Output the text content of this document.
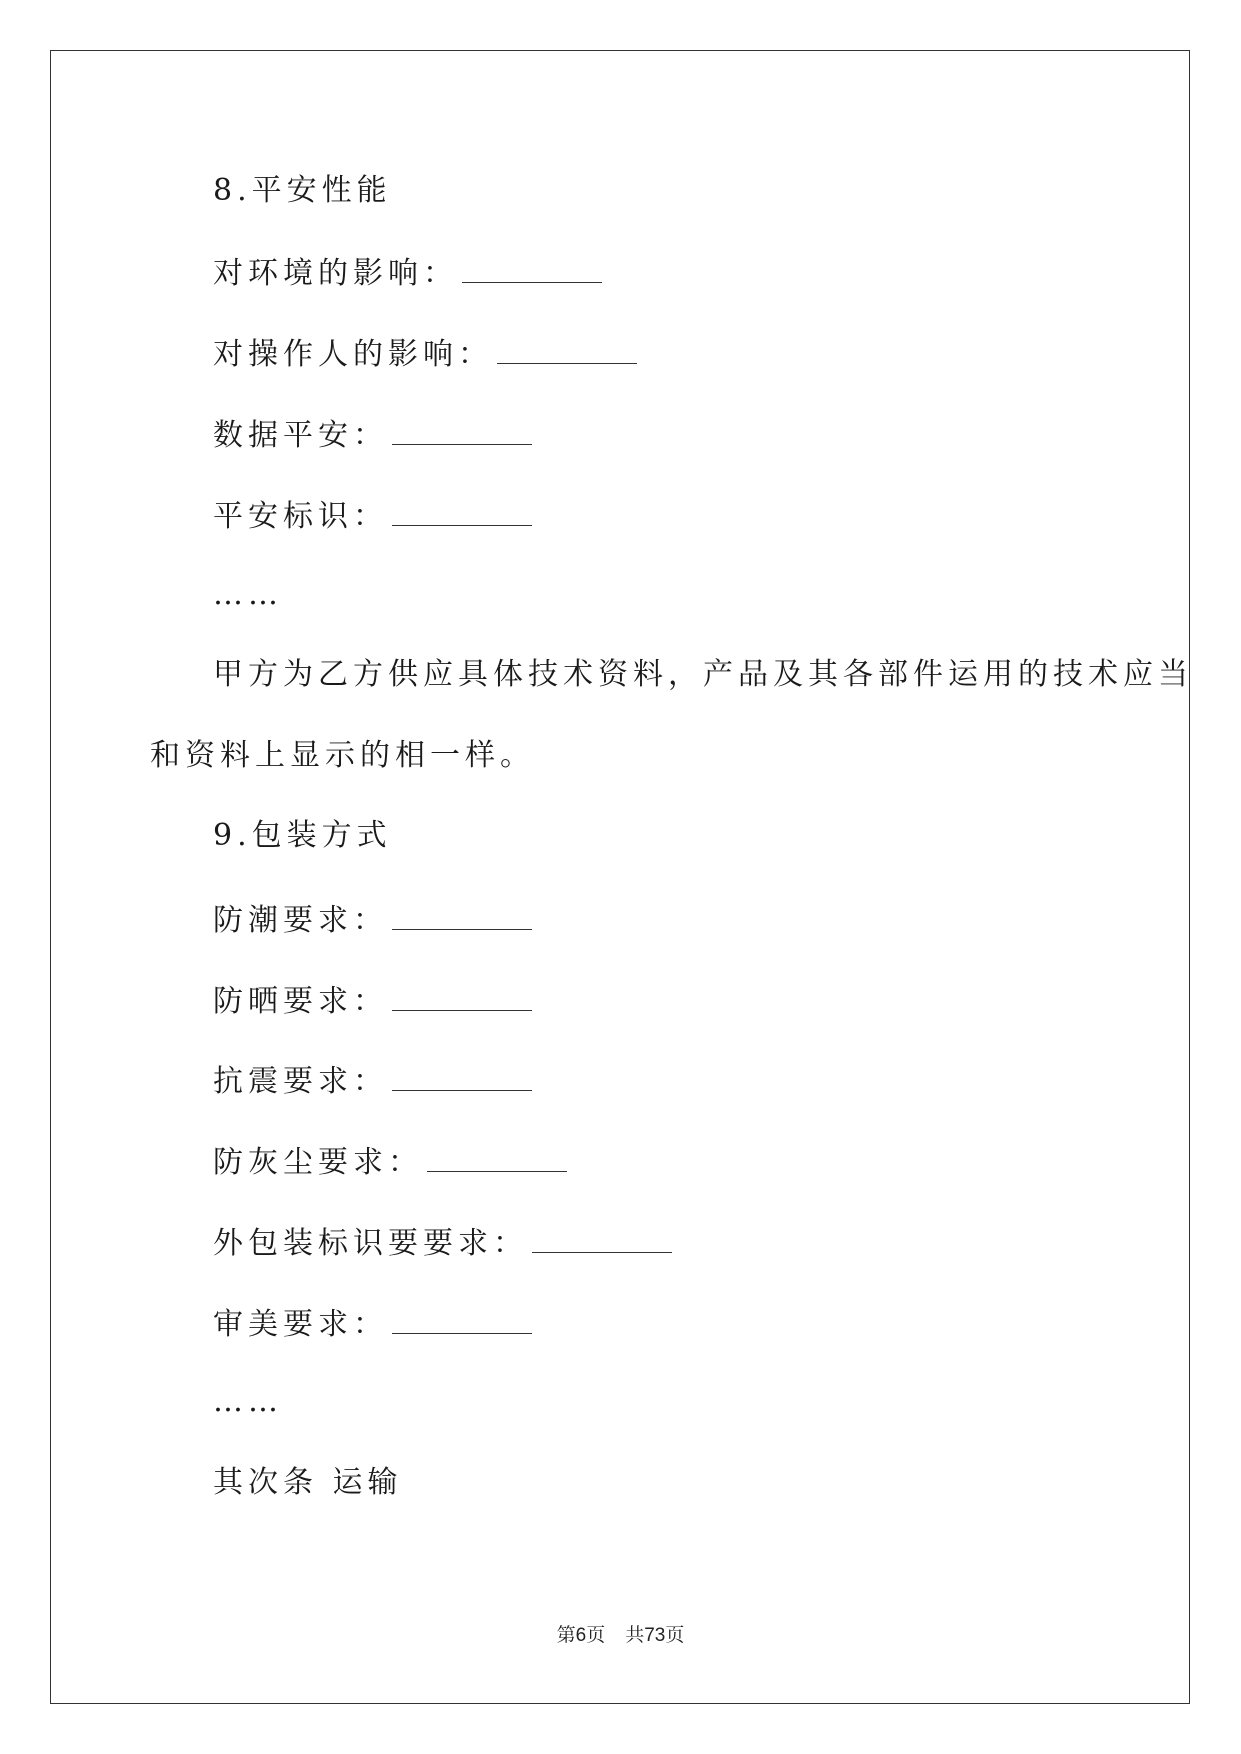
8.平安性能
对环境的影响：
对操作人的影响：
数据平安：
平安标识：
……
甲方为乙方供应具体技术资料，产品及其各部件运用的技术应当
和资料上显示的相一样。
9.包装方式
防潮要求：
防晒要求：
抗震要求：
防灰尘要求：
外包装标识要要求：
审美要求：
……
其次条 运输
第6页 共73页
